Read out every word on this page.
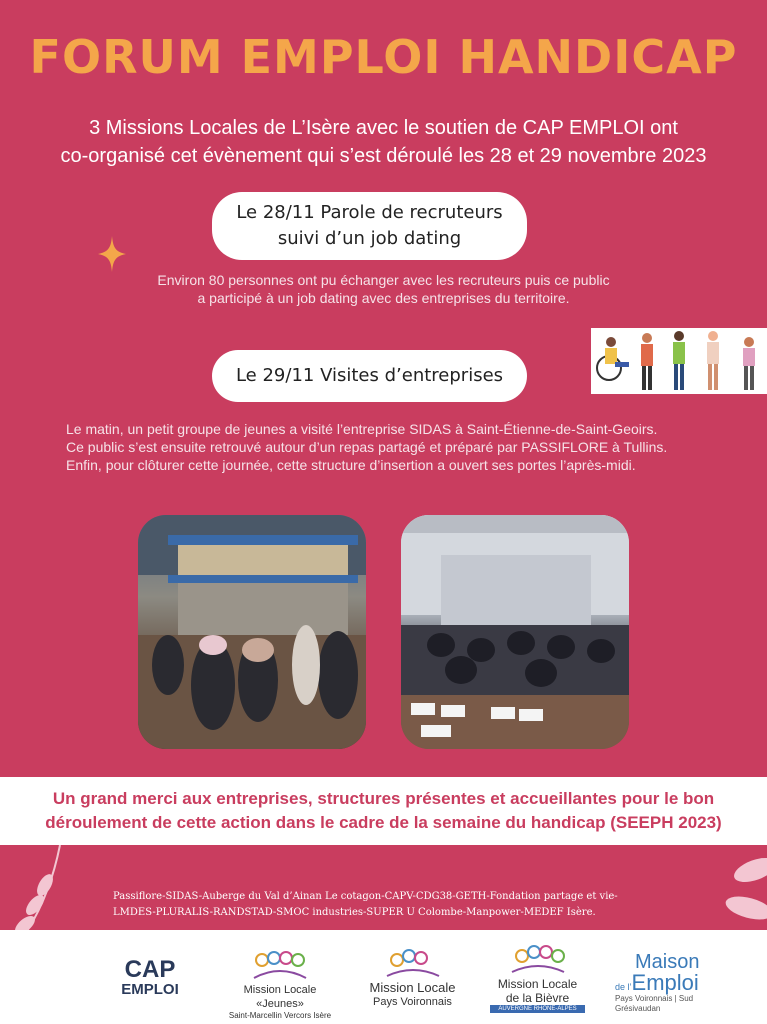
FORUM EMPLOI HANDICAP
3 Missions Locales de L’Isère avec le soutien de CAP EMPLOI ont
co-organisé cet évènement qui s’est déroulé les 28 et 29 novembre 2023
Le 28/11 Parole de recruteurs
suivi d’un job dating
Environ 80 personnes ont pu échanger avec les recruteurs puis ce public
a participé à un job dating avec des entreprises du territoire.
Le 29/11 Visites d’entreprises
Le matin, un petit groupe de jeunes a visité l’entreprise SIDAS à Saint-Étienne-de-Saint-Geoirs.
Ce public s’est ensuite retrouvé autour d’un repas partagé et préparé par PASSIFLORE à Tullins.
Enfin, pour clôturer cette journée, cette structure d’insertion a ouvert ses portes l’après-midi.
Un grand merci aux entreprises, structures présentes et accueillantes pour le bon
déroulement de cette action dans le cadre de la semaine du handicap (SEEPH 2023)
Passiflore-SIDAS-Auberge du Val d’Ainan Le cotagon-CAPV-CDG38-GETH-Fondation partage et vie-
LMDES-PLURALIS-RANDSTAD-SMOC industries-SUPER U Colombe-Manpower-MEDEF Isère.
CAP
EMPLOI	Mission Locale «Jeunes»
Saint-Marcellin Vercors Isère
Mission Locale
Pays Voironnais
Mission Locale
de la Bièvre
AUVERGNE RHÔNE-ALPES
Maison
de l’Emploi
Pays Voironnais | Sud Grésivaudan
